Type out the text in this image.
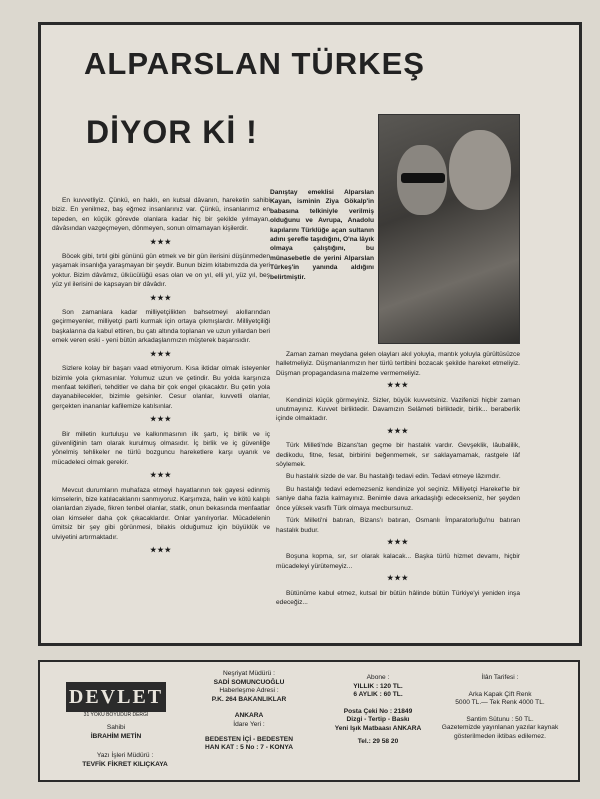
ALPARSLAN TÜRKEŞ
DİYOR Kİ !
Danıştay emeklisi Alparslan Kayan, isminin Ziya Gökalp'in babasına telkiniyle verilmiş olduğunu ve Avrupa, Anadolu kapılarını Türklüğe açan sultanın adını şerefle taşıdığını, O'na lâyık olmaya çalıştığını, bu münasebetle de yerini Alparslan Türkeş'in yanında aldığını belirtmiştir.

En kuvvetliyiz. Çünkü, en haklı, en kutsal dâvanın, hareketin sahibi biziz. En yenilmez, baş eğmez insanlarınız var. Çünkü, insanlarımız en tepeden, en küçük görevde olanlara kadar hiç bir şekilde yılmayan, dâvâsından vazgeçmeyen, dönmeyen, sonun olmamayan kişilerdir.

★★★

Böcek gibi, tırtıl gibi gününü gün etmek ve bir gün ilerisini düşünmeden yaşamak insanlığa yaraşmayan bir şeydir. Bunun bizim kitabımızda da yeri yoktur. Bizim dâvâmız, ülkücülüğü esas olan ve on yıl, elli yıl, yüz yıl, beş yüz yıl ilerisini de kapsayan bir dâvâdır.

★★★

Son zamanlara kadar milliyetçilikten bahsetmeyi akıllarından geçirmeyenler, milliyetçi parti kurmak için ortaya çıkmışlardır. Milliyetçiliği başkalarına da kabul ettiren, bu çatı altında toplanan ve uzun yıllardan beri emek veren eski - yeni bütün arkadaşlarımızın müşterek başarısıdır.

★★★

Sizlere kolay bir başarı vaad etmiyorum. Kısa iktidar olmak isteyenler bizimle yola çıkmasınlar. Yolumuz uzun ve çetindir. Bu yolda karşınıza menfaat teklifleri, tehditler ve daha bir çok engel çıkacaktır. Bu çetin yola dayanabilecekler, bizimle gelsinler. Cesur olanlar, kuvvetli olanlar, gerçekten inananlar kafilemize katılsınlar.

★★★

Bir milletin kurtuluşu ve kalkınmasının ilk şartı, iç birlik ve iç güvenliğinin tam olarak kurulmuş olmasıdır. İç birlik ve iç güvenliğe yönelmiş tehlikeler ne türlü bozguncu hareketlere karşı uyanık ve mücadeleci olmak gerekir.

★★★

Mevcut durumların muhafaza etmeyi hayatlarının tek gayesi edinmiş kimselerin, bize katılacaklarını sanmıyoruz. Karşımıza, halin ve kötü kalıplı olanlardan ziyade, fikren tenbel olanlar, statik, onun bekasında menfaatlar olan kimseler daha çok çıkacaklardır. Onlar yanılıyorlar. Mücadelenin ümitsiz bir şey gibi görünmesi, bilakis olduğumuz için büyüklük ve ulviyetini artırmaktadır.

★★★

Zaman zaman meydana gelen olayları akıl yoluyla, mantık yoluyla gürültüsüzce halletmeliyiz. Düşmanlarımızın her türlü tertibini bozacak şekilde hareket etmeliyiz. Düşman propagandasına malzeme vermemeliyiz.

★★★

Kendinizi küçük görmeyiniz. Sizler, büyük kuvvetsiniz. Vazifenizi hiçbir zaman unutmayınız. Kuvvet birliktedir. Davamızın Selâmeti birliktedir, birlik... beraberlik içinde olmaktadır.

★★★

Türk Milleti'nde Bizans'tan geçme bir hastalık vardır. Gevşeklik, lâubalilik, dedikodu, fitne, fesat, birbirini beğenmemek, sır saklayamamak, rastgele lâf söylemek.

Bu hastalık sizde de var. Bu hastalığı tedavi edin. Tedavi etmeye lâzımdır.

Bu hastalığı tedavi edemezseniz kendinize yol seçiniz. Milliyetçi Hareket'te bir saniye daha fazla kalmayınız. Benimle dava arkadaşlığı edecekseniz, her şeyden önce yüksek vasıflı Türk olmaya mecbursunuz.

Türk Milleti'ni batıran, Bizans'ı batıran, Osmanlı İmparatorluğu'nu batıran hastalık budur.

★★★

Boşuna kopma, sır, sır olarak kalacak... Başka türlü hizmet devamı, hiçbir mücadeleyi yürütemeyiz...

★★★

Bütünüme kabul etmez, kutsal bir bütün hâlinde bütün Türkiye'yi yeniden inşa edeceğiz...

DEVLET
31 YOKU BÖYÜDÜR DERGİ
Sahibi
İBRAHİM METİN
Yazı İşleri Müdürü :
TEVFİK FİKRET KILIÇKAYA
Neşriyat Müdürü :
SADİ SOMUNCUOĞLU
Haberleşme Adresi :
P.K. 264 BAKANLIKLAR
ANKARA
İdare Yeri :
BEDESTEN İÇİ - BEDESTEN
HAN KAT : 5 No : 7 - KONYA
Abone :
YILLIK : 120 TL.
6 AYLIK : 60 TL.
Posta Çeki No : 21849
Dizgi - Tertip - Baskı
Yeni Işık Matbaası ANKARA
Tel.: 29 58 20
İlân Tarifesi :
Arka Kapak Çift Renk
5000 TL.— Tek Renk 4000 TL.
Santim Sütunu : 50 TL.
Gazetemizde yayınlanan yazılar kaynak gösterilmeden iktibas edilemez.
